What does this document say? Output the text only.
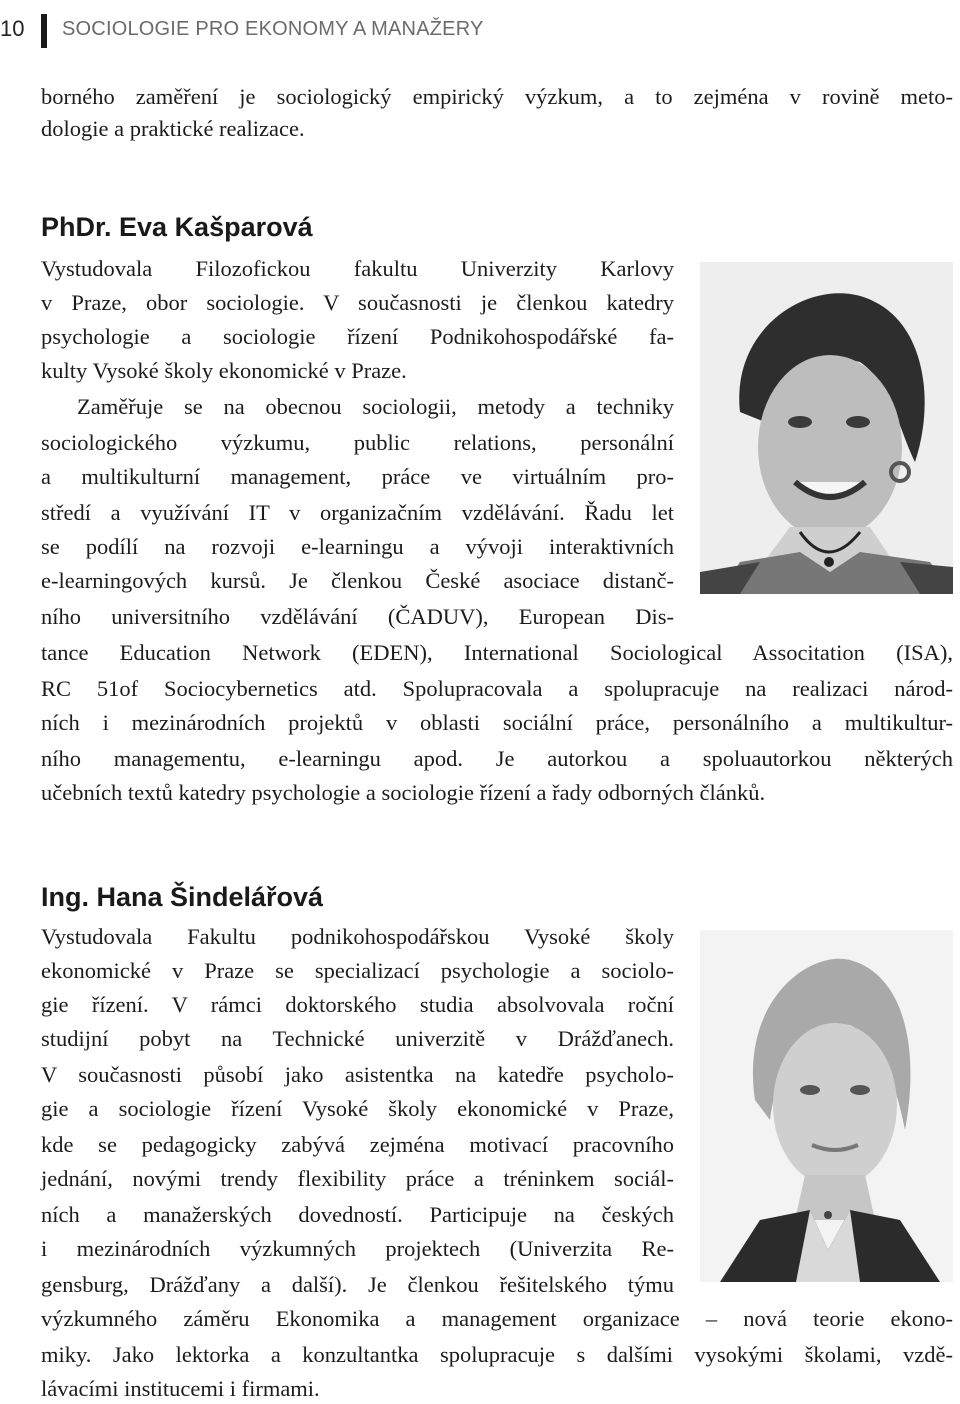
10 SOCIOLOGIE PRO EKONOMY A MANAŽERY
borného zaměření je sociologický empirický výzkum, a to zejména v rovině meto-
dologie a praktické realizace.
PhDr. Eva Kašparová
Vystudovala Filozofickou fakultu Univerzity Karlovy
v Praze, obor sociologie. V současnosti je členkou katedry
psychologie a sociologie řízení Podnikohospodářské fa-
kulty Vysoké školy ekonomické v Praze.
Zaměřuje se na obecnou sociologii, metody a techniky
sociologického výzkumu, public relations, personální
a multikulturní management, práce ve virtuálním pro-
středí a využívání IT v organizačním vzdělávání. Řadu let
se podílí na rozvoji e-learningu a vývoji interaktivních
e-learningových kursů. Je členkou České asociace distanč-
ního universitního vzdělávání (ČADUV), European Dis-
tance Education Network (EDEN), International Sociological Associtation (ISA),
RC 51of Sociocybernetics atd. Spolupracovala a spolupracuje na realizaci národ-
ních i mezinárodních projektů v oblasti sociální práce, personálního a multikultur-
ního managementu, e-learningu apod. Je autorkou a spoluautorkou některých
učebních textů katedry psychologie a sociologie řízení a řady odborných článků.
Ing. Hana Šindelářová
Vystudovala Fakultu podnikohospodářskou Vysoké školy
ekonomické v Praze se specializací psychologie a sociolo-
gie řízení. V rámci doktorského studia absolvovala roční
studijní pobyt na Technické univerzitě v Drážďanech.
V současnosti působí jako asistentka na katedře psycholo-
gie a sociologie řízení Vysoké školy ekonomické v Praze,
kde se pedagogicky zabývá zejména motivací pracovního
jednání, novými trendy flexibility práce a tréninkem sociál-
ních a manažerských dovedností. Participuje na českých
i mezinárodních výzkumných projektech (Univerzita Re-
gensburg, Drážďany a další). Je členkou řešitelského týmu
výzkumného záměru Ekonomika a management organizace – nová teorie ekono-
miky. Jako lektorka a konzultantka spolupracuje s dalšími vysokými školami, vzdě-
lávacími institucemi i firmami.
